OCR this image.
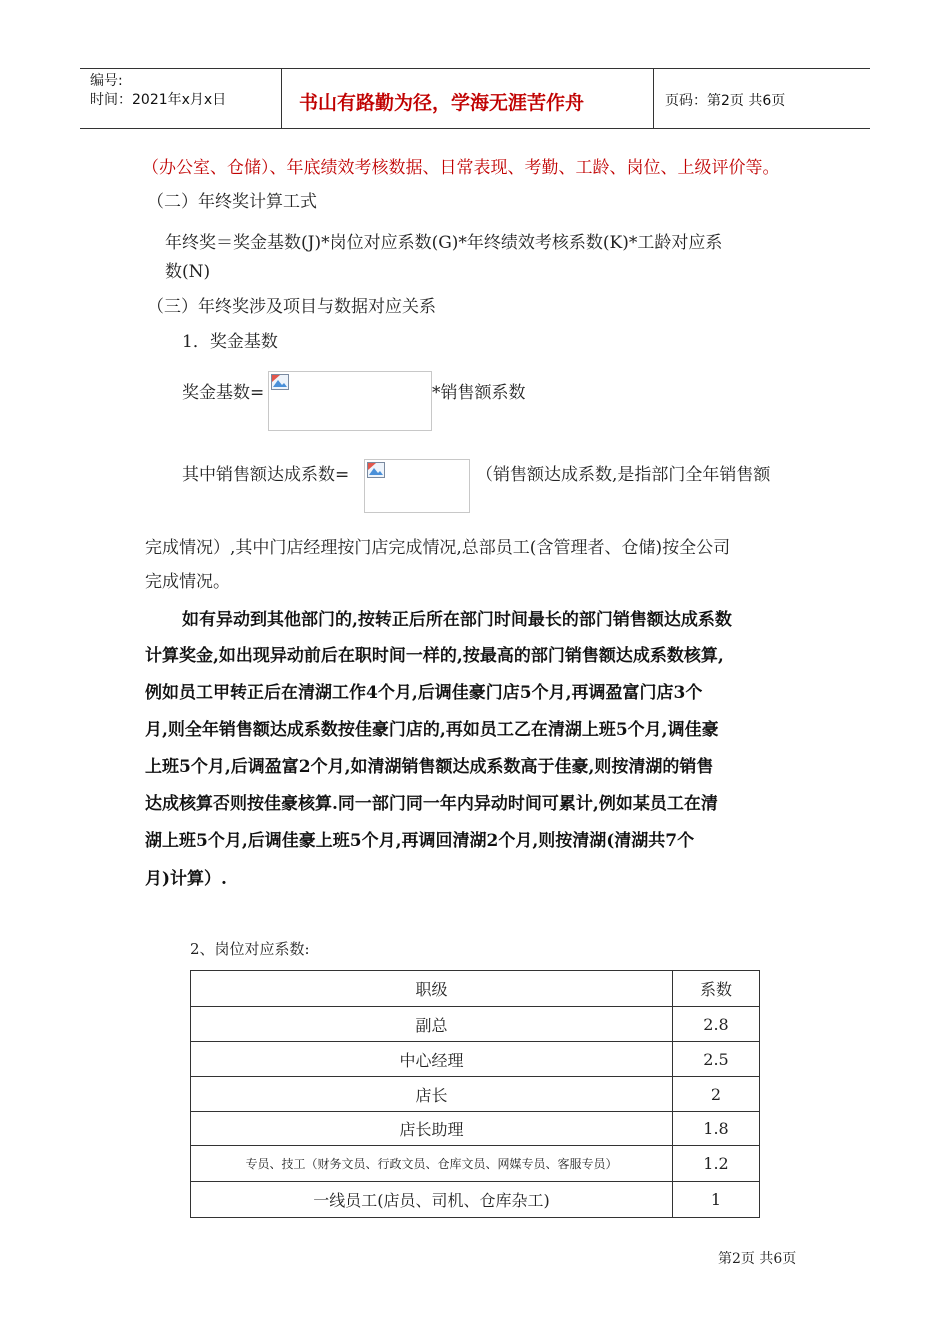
编号:
时间：2021年x月x日	书山有路勤为径，学海无涯苦作舟	页码：第2页 共6页
（办公室、仓储）、年底绩效考核数据、日常表现、考勤、工龄、岗位、上级评价等。
（二）年终奖计算工式
年终奖＝奖金基数(J)*岗位对应系数(G)*年终绩效考核系数(K)*工龄对应系
数(N)
（三）年终奖涉及项目与数据对应关系
1．奖金基数
奖金基数=	*销售额系数
其中销售额达成系数=	（销售额达成系数,是指部门全年销售额
完成情况）,其中门店经理按门店完成情况,总部员工(含管理者、仓储)按全公司
完成情况。
如有异动到其他部门的,按转正后所在部门时间最长的部门销售额达成系数
计算奖金,如出现异动前后在职时间一样的,按最高的部门销售额达成系数核算,
例如员工甲转正后在清湖工作4个月,后调佳豪门店5个月,再调盈富门店3个
月,则全年销售额达成系数按佳豪门店的,再如员工乙在清湖上班5个月,调佳豪
上班5个月,后调盈富2个月,如清湖销售额达成系数高于佳豪,则按清湖的销售
达成核算否则按佳豪核算.同一部门同一年内异动时间可累计,例如某员工在清
湖上班5个月,后调佳豪上班5个月,再调回清湖2个月,则按清湖(清湖共7个
月)计算）.
2、岗位对应系数:
职级	系数
副总	2.8
中心经理	2.5
店长	2
店长助理	1.8
专员、技工（财务文员、行政文员、仓库文员、网媒专员、客服专员）	1.2
一线员工(店员、司机、仓库杂工)	1
第2页 共6页
